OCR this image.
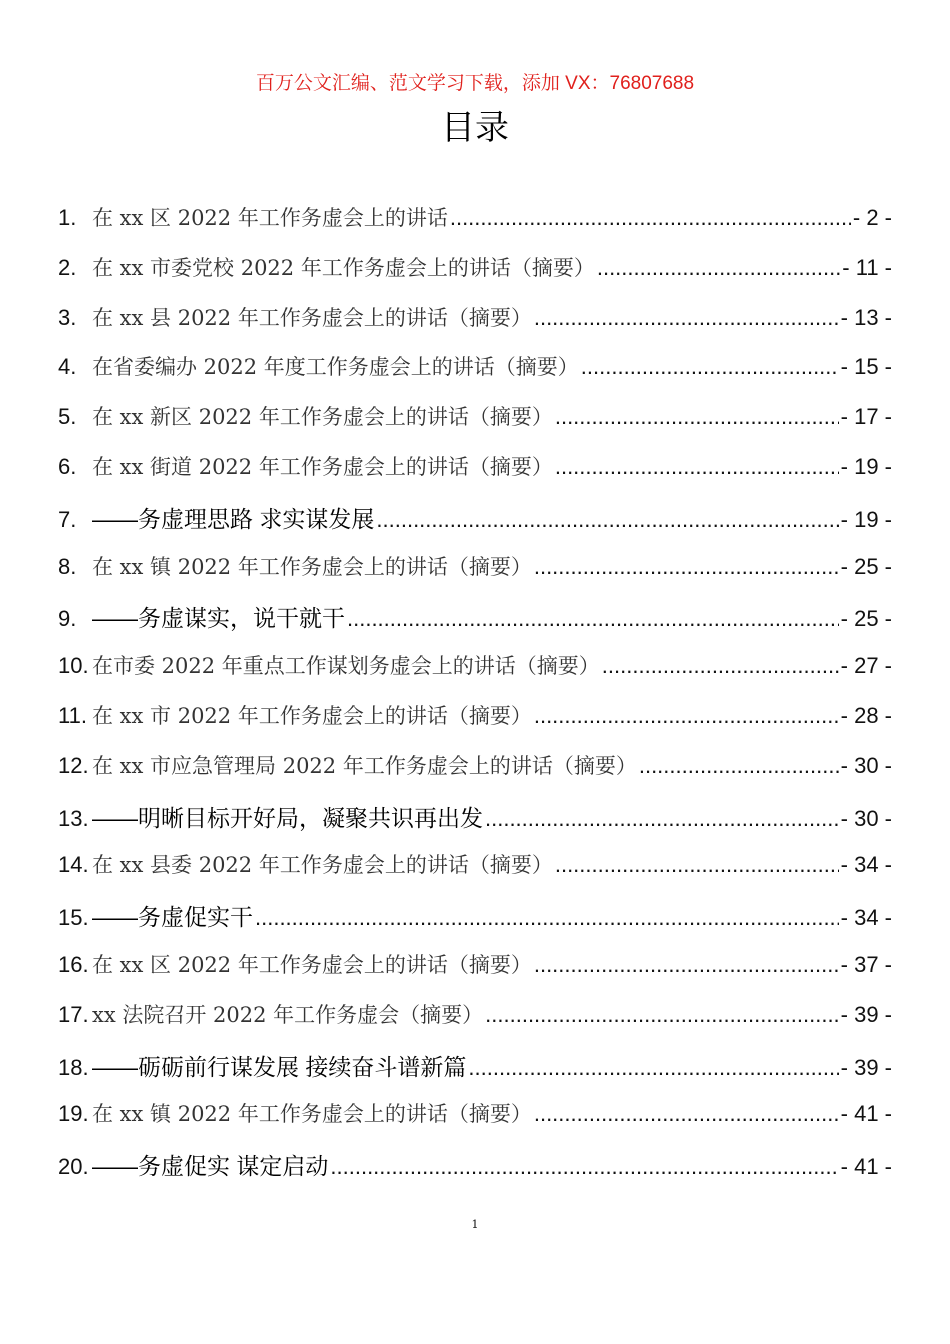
百万公文汇编、范文学习下载，添加 VX：76807688
目录
1. 在 xx 区 2022 年工作务虚会上的讲话 .....	- 2 -
2. 在 xx 市委党校 2022 年工作务虚会上的讲话（摘要） .....	- 11 -
3. 在 xx 县 2022 年工作务虚会上的讲话（摘要） .....	- 13 -
4. 在省委编办 2022 年度工作务虚会上的讲话（摘要） .....	- 15 -
5. 在 xx 新区 2022 年工作务虚会上的讲话（摘要） .....	- 17 -
6. 在 xx 街道 2022 年工作务虚会上的讲话（摘要） .....	- 19 -
7. ——务虚理思路 求实谋发展 .....	- 19 -
8. 在 xx 镇 2022 年工作务虚会上的讲话（摘要） .....	- 25 -
9. ——务虚谋实，说干就干 .....	- 25 -
10. 在市委 2022 年重点工作谋划务虚会上的讲话（摘要） .....	- 27 -
11. 在 xx 市 2022 年工作务虚会上的讲话（摘要） .....	- 28 -
12. 在 xx 市应急管理局 2022 年工作务虚会上的讲话（摘要） .....	- 30 -
13. ——明晰目标开好局，凝聚共识再出发 .....	- 30 -
14. 在 xx 县委 2022 年工作务虚会上的讲话（摘要） .....	- 34 -
15. ——务虚促实干 .....	- 34 -
16. 在 xx 区 2022 年工作务虚会上的讲话（摘要） .....	- 37 -
17. xx 法院召开 2022 年工作务虚会（摘要） .....	- 39 -
18. ——砺砺前行谋发展 接续奋斗谱新篇 .....	- 39 -
19. 在 xx 镇 2022 年工作务虚会上的讲话（摘要） .....	- 41 -
20. ——务虚促实 谋定启动 .....	- 41 -
1
